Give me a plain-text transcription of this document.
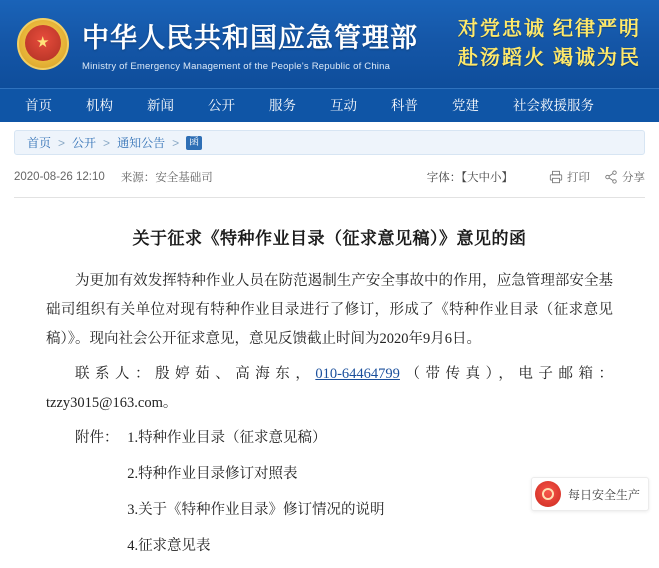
★ 中华人民共和国应急管理部
Ministry of Emergency Management of the People's Republic of China
对党忠诚 纪律严明
赴汤蹈火 竭诚为民
首页	机构	新闻	公开	服务	互动	科普	党建	社会救援服务
首页 > 公开 > 通知公告 >	函
2020-08-26 12:10 来源： 安全基础司	字体：【大中小】	打印	分享
关于征求《特种作业目录（征求意见稿）》意见的函

为更加有效发挥特种作业人员在防范遏制生产安全事故中的作用，应急管理部安全基础司组织有关单位对现有特种作业目录进行了修订，形成了《特种作业目录（征求意见稿）》。现向社会公开征求意见，意见反馈截止时间为2020年9月6日。

联系人：殷婷茹、高海东，010-64464799（带传真），电子邮箱：tzzy3015@163.com。

附件： 1.特种作业目录（征求意见稿）
2.特种作业目录修订对照表
3.关于《特种作业目录》修订情况的说明
4.征求意见表
每日安全生产
